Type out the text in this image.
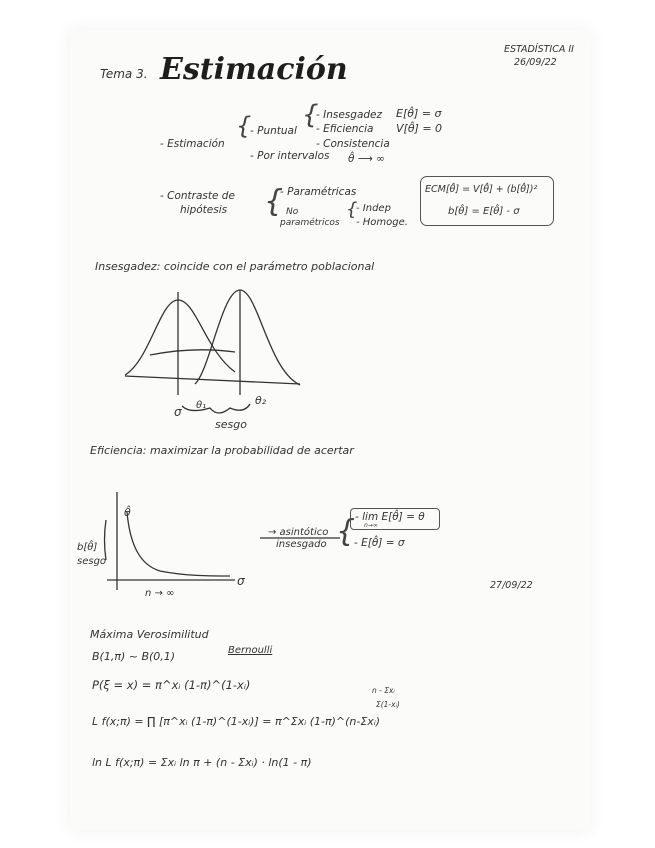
ESTADÍSTICA II
26/09/22
Tema 3. Estimación
- Estimación
{
- Puntual
- Por intervalos
{
- Insesgadez
- Eficiencia
- Consistencia
E[θ̂] = σ
V[θ̂] = 0
θ̂ ⟶ ∞
- Contraste de
hipótesis {
- Paramétricas
No
paramétricos
{
- Indep
- Homoge.
ECM[θ̂] = V[θ̂] + (b[θ̂])²
b[θ̂] = E[θ̂] - σ
Insesgadez: coincide con el parámetro poblacional
σ θ₁	θ₂
sesgo
Eficiencia: maximizar la probabilidad de acertar
b[θ̂]
sesgo
θ̂
n → ∞
σ
→ asintótico
insesgado { - lim E[θ̂] = θ
n→∞
- E[θ̂] = σ
27/09/22
Máxima Verosimilitud
B(1,π) ~ B(0,1)	Bernoulli
P(ξ = x) = π^xᵢ (1-π)^(1-xᵢ)	n - Σxᵢ
Σ(1-xᵢ)
L f(x;π) = ∏ [π^xᵢ (1-π)^(1-xᵢ)] = π^Σxᵢ (1-π)^(n-Σxᵢ)
ln L f(x;π) = Σxᵢ ln π + (n - Σxᵢ) · ln(1 - π)
